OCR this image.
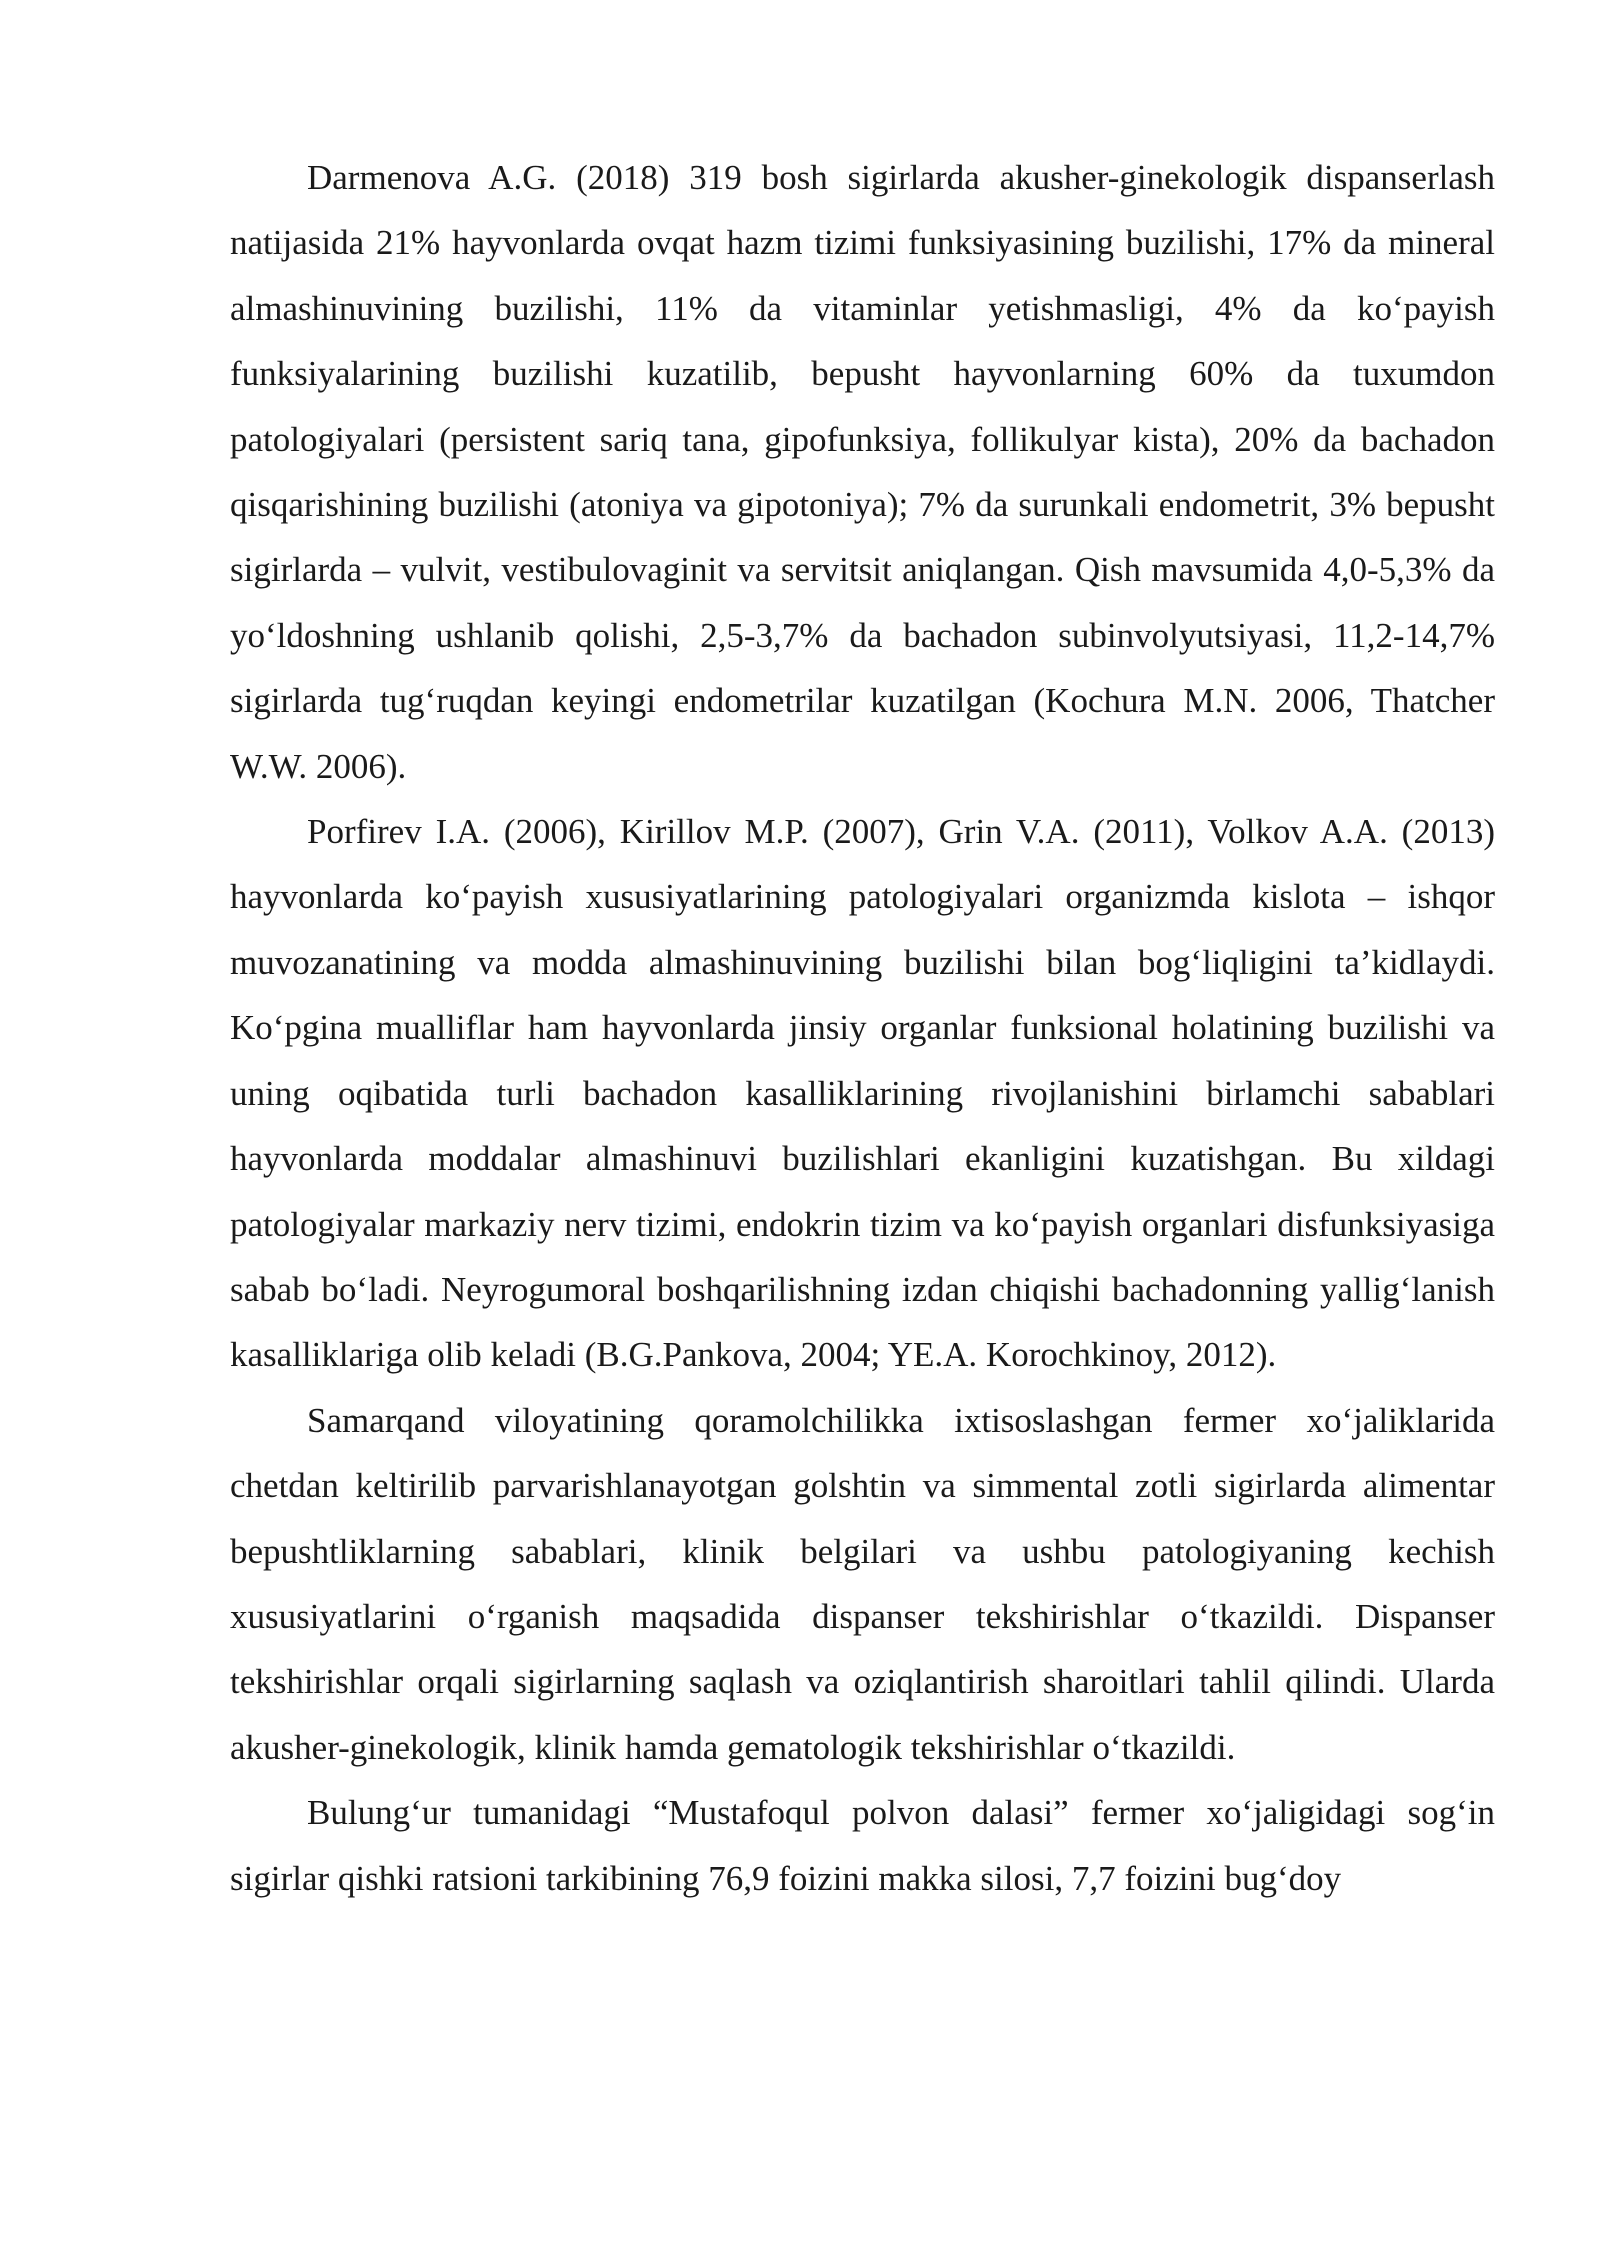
Darmenova A.G. (2018) 319 bosh sigirlarda akusher-ginekologik dispanserlash natijasida 21% hayvonlarda ovqat hazm tizimi funksiyasining buzilishi, 17% da mineral almashinuvining buzilishi, 11% da vitaminlar yetishmasligi, 4% da ko‘payish funksiyalarining buzilishi kuzatilib, bepusht hayvonlarning 60% da tuxumdon patologiyalari (persistent sariq tana, gipofunksiya, follikulyar kista), 20% da bachadon qisqarishining buzilishi (atoniya va gipotoniya); 7% da surunkali endometrit, 3% bepusht sigirlarda – vulvit, vestibulovaginit va servitsit aniqlangan. Qish mavsumida 4,0-5,3% da yo‘ldoshning ushlanib qolishi, 2,5-3,7% da bachadon subinvolyutsiyasi, 11,2-14,7% sigirlarda tug‘ruqdan keyingi endometrilar kuzatilgan (Kochura M.N. 2006, Thatcher W.W. 2006).

Porfirev I.A. (2006), Kirillov M.P. (2007), Grin V.A. (2011), Volkov A.A. (2013) hayvonlarda ko‘payish xususiyatlarining patologiyalari organizmda kislota – ishqor muvozanatining va modda almashinuvining buzilishi bilan bog‘liqligini ta’kidlaydi. Ko‘pgina mualliflar ham hayvonlarda jinsiy organlar funksional holatining buzilishi va uning oqibatida turli bachadon kasalliklarining rivojlanishini birlamchi sabablari hayvonlarda moddalar almashinuvi buzilishlari ekanligini kuzatishgan. Bu xildagi patologiyalar markaziy nerv tizimi, endokrin tizim va ko‘payish organlari disfunksiyasiga sabab bo‘ladi. Neyrogumoral boshqarilishning izdan chiqishi bachadonning yallig‘lanish kasalliklariga olib keladi (B.G.Pankova, 2004; YE.A. Korochkinoy, 2012).

Samarqand viloyatining qoramolchilikka ixtisoslashgan fermer xo‘jaliklarida chetdan keltirilib parvarishlanayotgan golshtin va simmental zotli sigirlarda alimentar bepushtliklarning sabablari, klinik belgilari va ushbu patologiyaning kechish xususiyatlarini o‘rganish maqsadida dispanser tekshirishlar o‘tkazildi. Dispanser tekshirishlar orqali sigirlarning saqlash va oziqlantirish sharoitlari tahlil qilindi. Ularda akusher-ginekologik, klinik hamda gematologik tekshirishlar o‘tkazildi.

Bulung‘ur tumanidagi “Mustafoqul polvon dalasi” fermer xo‘jaligidagi sog‘in sigirlar qishki ratsioni tarkibining 76,9 foizini makka silosi, 7,7 foizini bug‘doy
